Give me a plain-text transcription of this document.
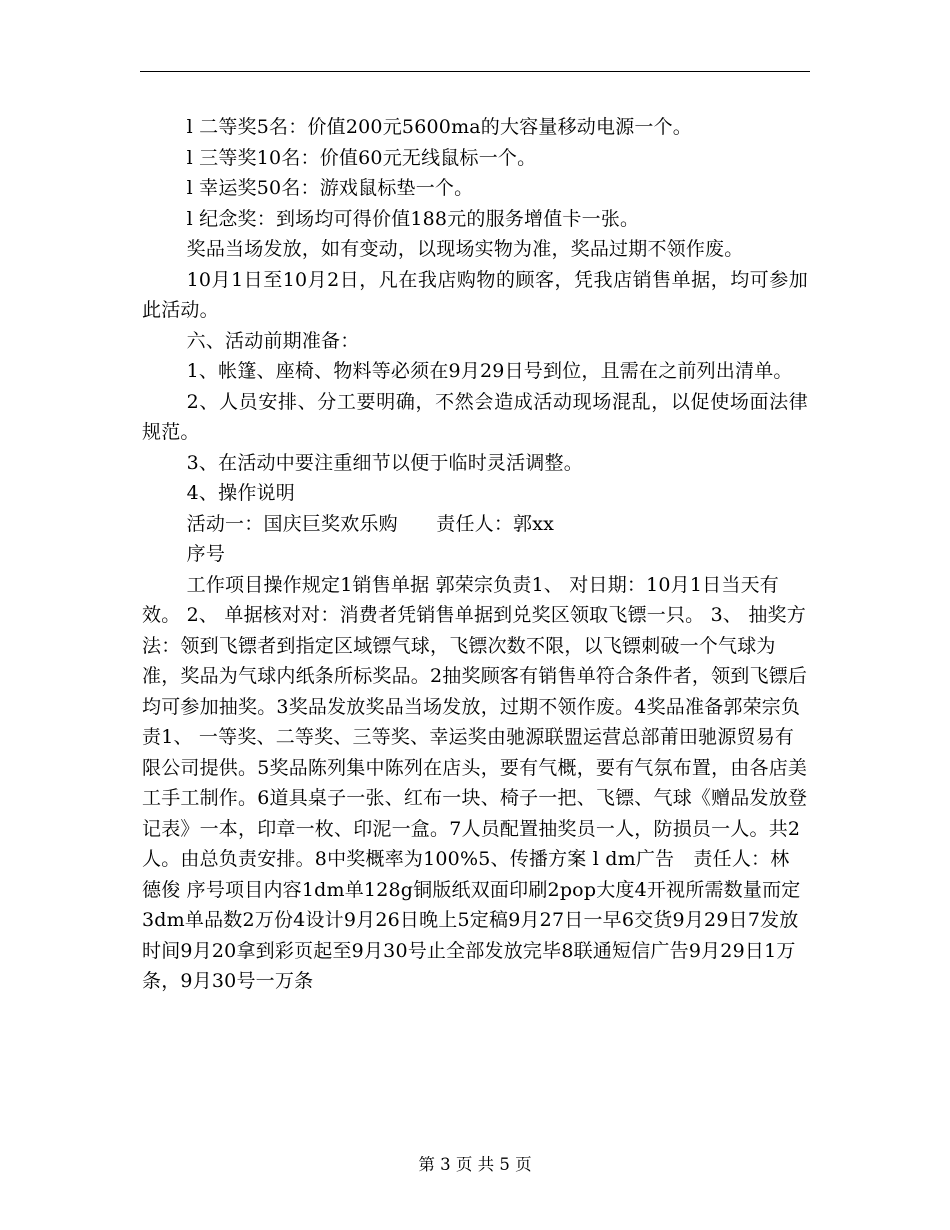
l 二等奖5名：价值200元5600ma的大容量移动电源一个。

l 三等奖10名：价值60元无线鼠标一个。

l 幸运奖50名：游戏鼠标垫一个。

l 纪念奖：到场均可得价值188元的服务增值卡一张。

奖品当场发放，如有变动，以现场实物为准，奖品过期不领作废。

10月1日至10月2日，凡在我店购物的顾客，凭我店销售单据，均可参加此活动。

六、活动前期准备：

1、帐篷、座椅、物料等必须在9月29日号到位，且需在之前列出清单。

2、人员安排、分工要明确，不然会造成活动现场混乱，以促使场面法律规范。

3、在活动中要注重细节以便于临时灵活调整。

4、操作说明

活动一：国庆巨奖欢乐购　　责任人：郭xx

序号

工作项目操作规定1销售单据 郭荣宗负责1、 对日期：10月1日当天有效。 2、 单据核对对：消费者凭销售单据到兑奖区领取飞镖一只。 3、 抽奖方法：领到飞镖者到指定区域镖气球，飞镖次数不限，以飞镖刺破一个气球为准，奖品为气球内纸条所标奖品。2抽奖顾客有销售单符合条件者，领到飞镖后均可参加抽奖。3奖品发放奖品当场发放，过期不领作废。4奖品准备郭荣宗负责1、 一等奖、二等奖、三等奖、幸运奖由驰源联盟运营总部莆田驰源贸易有限公司提供。5奖品陈列集中陈列在店头，要有气概，要有气氛布置，由各店美工手工制作。6道具桌子一张、红布一块、椅子一把、飞镖、气球《赠品发放登记表》一本，印章一枚、印泥一盒。7人员配置抽奖员一人，防损员一人。共2人。由总负责安排。8中奖概率为100%5、传播方案 l dm广告　责任人：林德俊 序号项目内容1dm单128g铜版纸双面印刷2pop大度4开视所需数量而定3dm单品数2万份4设计9月26日晚上5定稿9月27日一早6交货9月29日7发放时间9月20拿到彩页起至9月30号止全部发放完毕8联通短信广告9月29日1万条，9月30号一万条

第 3 页 共 5 页
